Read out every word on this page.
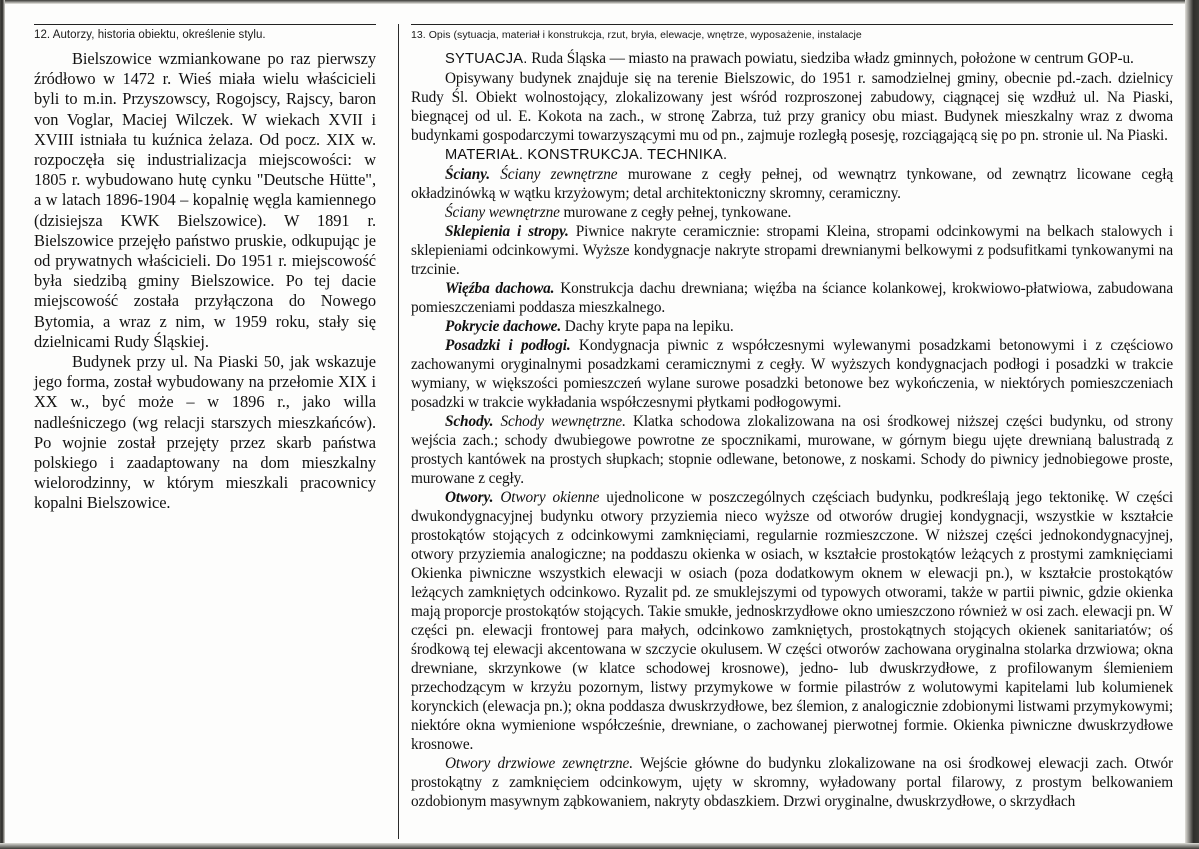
12. Autorzy, historia obiektu, określenie stylu.

Bielszowice wzmiankowane po raz pierwszy źródłowo w 1472 r. Wieś miała wielu właścicieli byli to m.in. Przyszowscy, Rogojscy, Rajscy, baron von Voglar, Maciej Wilczek. W wiekach XVII i XVIII istniała tu kuźnica żelaza. Od pocz. XIX w. rozpoczęła się industrializacja miejscowości: w 1805 r. wybudowano hutę cynku "Deutsche Hütte", a w latach 1896-1904 – kopalnię węgla kamiennego (dzisiejsza KWK Bielszowice). W 1891 r. Bielszowice przejęło państwo pruskie, odkupując je od prywatnych właścicieli. Do 1951 r. miejscowość była siedzibą gminy Bielszowice. Po tej dacie miejscowość została przyłączona do Nowego Bytomia, a wraz z nim, w 1959 roku, stały się dzielnicami Rudy Śląskiej.

Budynek przy ul. Na Piaski 50, jak wskazuje jego forma, został wybudowany na przełomie XIX i XX w., być może – w 1896 r., jako willa nadleśniczego (wg relacji starszych mieszkańców). Po wojnie został przejęty przez skarb państwa polskiego i zaadaptowany na dom mieszkalny wielorodzinny, w którym mieszkali pracownicy kopalni Bielszowice.

13. Opis (sytuacja, materiał i konstrukcja, rzut, bryła, elewacje, wnętrze, wyposażenie, instalacje

SYTUACJA. Ruda Śląska — miasto na prawach powiatu, siedziba władz gminnych, położone w centrum GOP-u.

Opisywany budynek znajduje się na terenie Bielszowic, do 1951 r. samodzielnej gminy, obecnie pd.-zach. dzielnicy Rudy Śl. Obiekt wolnostojący, zlokalizowany jest wśród rozproszonej zabudowy, ciągnącej się wzdłuż ul. Na Piaski, biegnącej od ul. E. Kokota na zach., w stronę Zabrza, tuż przy granicy obu miast. Budynek mieszkalny wraz z dwoma budynkami gospodarczymi towarzyszącymi mu od pn., zajmuje rozległą posesję, rozciągającą się po pn. stronie ul. Na Piaski.

MATERIAŁ. KONSTRUKCJA. TECHNIKA.

Ściany. Ściany zewnętrzne murowane z cegły pełnej, od wewnątrz tynkowane, od zewnątrz licowane cegłą okładzinówką w wątku krzyżowym; detal architektoniczny skromny, ceramiczny.

Ściany wewnętrzne murowane z cegły pełnej, tynkowane.

Sklepienia i stropy. Piwnice nakryte ceramicznie: stropami Kleina, stropami odcinkowymi na belkach stalowych i sklepieniami odcinkowymi. Wyższe kondygnacje nakryte stropami drewnianymi belkowymi z podsufitkami tynkowanymi na trzcinie.

Więźba dachowa. Konstrukcja dachu drewniana; więźba na ściance kolankowej, krokwiowo-płatwiowa, zabudowana pomieszczeniami poddasza mieszkalnego.

Pokrycie dachowe. Dachy kryte papa na lepiku.

Posadzki i podłogi. Kondygnacja piwnic z współczesnymi wylewanymi posadzkami betonowymi i z częściowo zachowanymi oryginalnymi posadzkami ceramicznymi z cegły. W wyższych kondygnacjach podłogi i posadzki w trakcie wymiany, w większości pomieszczeń wylane surowe posadzki betonowe bez wykończenia, w niektórych pomieszczeniach posadzki w trakcie wykładania współczesnymi płytkami podłogowymi.

Schody. Schody wewnętrzne. Klatka schodowa zlokalizowana na osi środkowej niższej części budynku, od strony wejścia zach.; schody dwubiegowe powrotne ze spocznikami, murowane, w górnym biegu ujęte drewnianą balustradą z prostych kantówek na prostych słupkach; stopnie odlewane, betonowe, z noskami. Schody do piwnicy jednobiegowe proste, murowane z cegły.

Otwory. Otwory okienne ujednolicone w poszczególnych częściach budynku, podkreślają jego tektonikę. W części dwukondygnacyjnej budynku otwory przyziemia nieco wyższe od otworów drugiej kondygnacji, wszystkie w kształcie prostokątów stojących z odcinkowymi zamknięciami, regularnie rozmieszczone. W niższej części jednokondygnacyjnej, otwory przyziemia analogiczne; na poddaszu okienka w osiach, w kształcie prostokątów leżących z prostymi zamknięciami Okienka piwniczne wszystkich elewacji w osiach (poza dodatkowym oknem w elewacji pn.), w kształcie prostokątów leżących zamkniętych odcinkowo. Ryzalit pd. ze smuklejszymi od typowych otworami, także w partii piwnic, gdzie okienka mają proporcje prostokątów stojących. Takie smukłe, jednoskrzydłowe okno umieszczono również w osi zach. elewacji pn. W części pn. elewacji frontowej para małych, odcinkowo zamkniętych, prostokątnych stojących okienek sanitariatów; oś środkową tej elewacji akcentowana w szczycie okulusem. W części otworów zachowana oryginalna stolarka drzwiowa; okna drewniane, skrzynkowe (w klatce schodowej krosnowe), jedno- lub dwuskrzydłowe, z profilowanym ślemieniem przechodzącym w krzyżu pozornym, listwy przymykowe w formie pilastrów z wolutowymi kapitelami lub kolumienek korynckich (elewacja pn.); okna poddasza dwuskrzydłowe, bez ślemion, z analogicznie zdobionymi listwami przymykowymi; niektóre okna wymienione współcześnie, drewniane, o zachowanej pierwotnej formie. Okienka piwniczne dwuskrzydłowe krosnowe.

Otwory drzwiowe zewnętrzne. Wejście główne do budynku zlokalizowane na osi środkowej elewacji zach. Otwór prostokątny z zamknięciem odcinkowym, ujęty w skromny, wyładowany portal filarowy, z prostym belkowaniem ozdobionym masywnym ząbkowaniem, nakryty obdaszkiem. Drzwi oryginalne, dwuskrzydłowe, o skrzydłach
